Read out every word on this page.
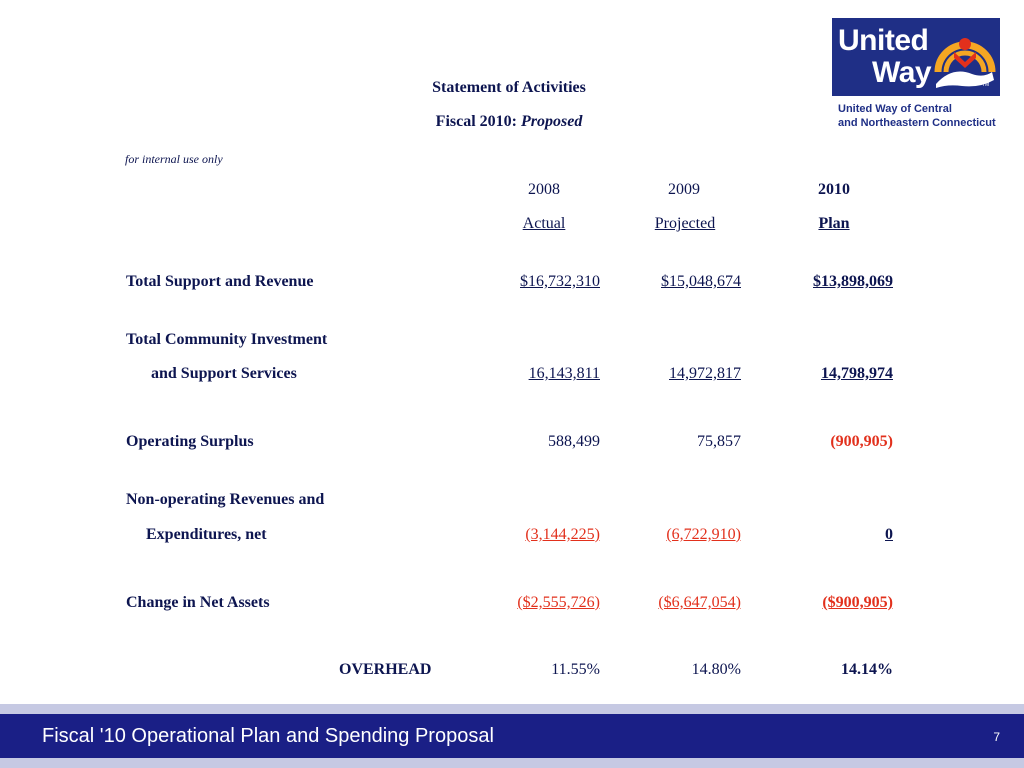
Statement of Activities
Fiscal 2010: Proposed
for internal use only
United
Way	TM
United Way of Central
and Northeastern Connecticut
2008	2009	2010
Actual	Projected	Plan
Total Support and Revenue	$16,732,310	$15,048,674	$13,898,069
Total Community Investment
and Support Services	16,143,811	14,972,817	14,798,974
Operating Surplus	588,499	75,857	(900,905)
Non-operating Revenues and
Expenditures, net	(3,144,225)	(6,722,910)	0
Change in Net Assets	($2,555,726)	($6,647,054)	($900,905)
OVERHEAD	11.55%	14.80%	14.14%
Fiscal '10 Operational Plan and Spending Proposal	7
